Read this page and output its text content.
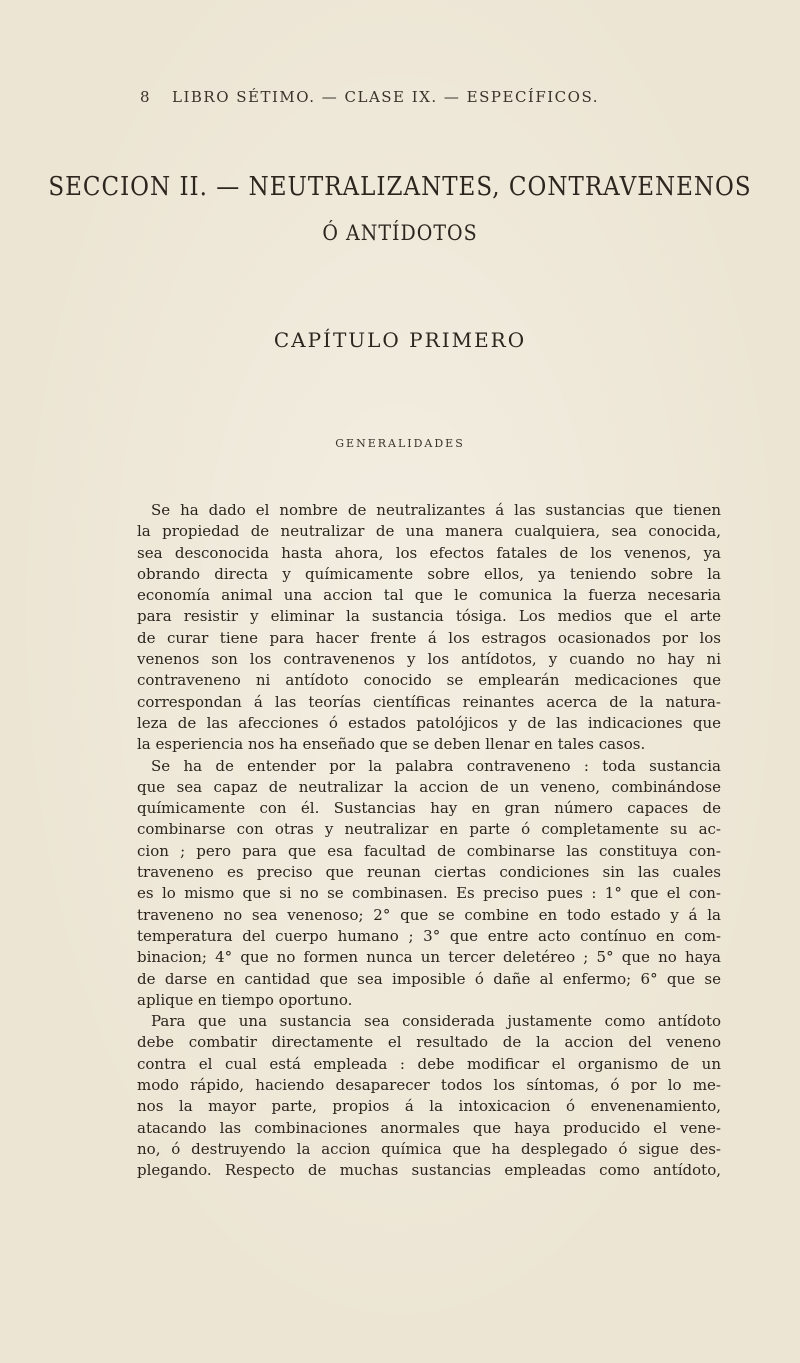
8 LIBRO SÉTIMO. — CLASE IX. — ESPECÍFICOS.
SECCION II. — NEUTRALIZANTES, CONTRAVENENOS
Ó ANTÍDOTOS
CAPÍTULO PRIMERO
GENERALIDADES
Se ha dado el nombre de neutralizantes á las sustancias que tienen
la propiedad de neutralizar de una manera cualquiera, sea conocida,
sea desconocida hasta ahora, los efectos fatales de los venenos, ya
obrando directa y químicamente sobre ellos, ya teniendo sobre la
economía animal una accion tal que le comunica la fuerza necesaria
para resistir y eliminar la sustancia tósiga. Los medios que el arte
de curar tiene para hacer frente á los estragos ocasionados por los
venenos son los contravenenos y los antídotos, y cuando no hay ni
contraveneno ni antídoto conocido se emplearán medicaciones que
correspondan á las teorías científicas reinantes acerca de la natura-
leza de las afecciones ó estados patolójicos y de las indicaciones que
la esperiencia nos ha enseñado que se deben llenar en tales casos.
Se ha de entender por la palabra contraveneno : toda sustancia
que sea capaz de neutralizar la accion de un veneno, combinándose
químicamente con él. Sustancias hay en gran número capaces de
combinarse con otras y neutralizar en parte ó completamente su ac-
cion ; pero para que esa facultad de combinarse las constituya con-
traveneno es preciso que reunan ciertas condiciones sin las cuales
es lo mismo que si no se combinasen. Es preciso pues : 1° que el con-
traveneno no sea venenoso; 2° que se combine en todo estado y á la
temperatura del cuerpo humano ; 3° que entre acto contínuo en com-
binacion; 4° que no formen nunca un tercer deletéreo ; 5° que no haya
de darse en cantidad que sea imposible ó dañe al enfermo; 6° que se
aplique en tiempo oportuno.
Para que una sustancia sea considerada justamente como antídoto
debe combatir directamente el resultado de la accion del veneno
contra el cual está empleada : debe modificar el organismo de un
modo rápido, haciendo desaparecer todos los síntomas, ó por lo me-
nos la mayor parte, propios á la intoxicacion ó envenenamiento,
atacando las combinaciones anormales que haya producido el vene-
no, ó destruyendo la accion química que ha desplegado ó sigue des-
plegando. Respecto de muchas sustancias empleadas como antídoto,
